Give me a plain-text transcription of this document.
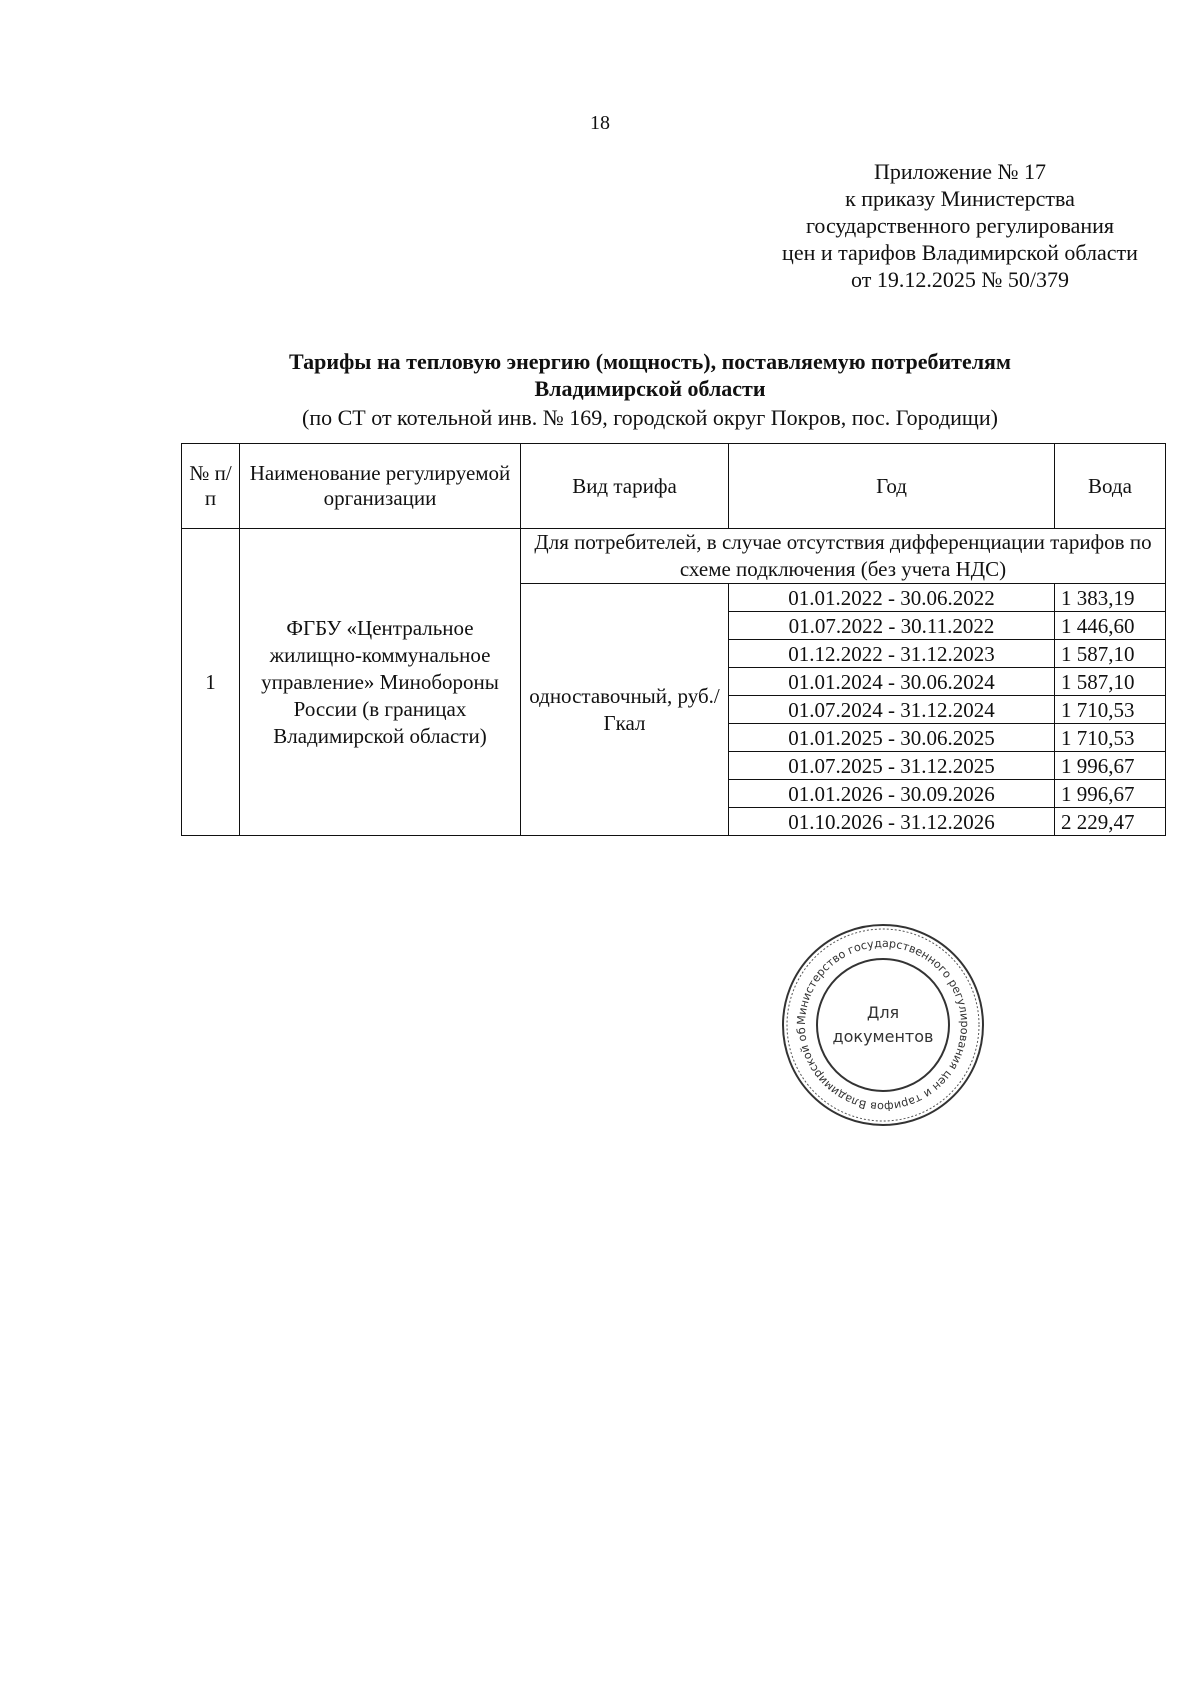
18
Приложение № 17
к приказу Министерства
государственного регулирования
цен и тарифов Владимирской области
от 19.12.2025 № 50/379
Тарифы на тепловую энергию (мощность), поставляемую потребителям
Владимирской области
(по СТ от котельной инв. № 169, городской округ Покров, пос. Городищи)
№ п/п	Наименование регулируемой организации	Вид тарифа	Год	Вода
1	ФГБУ «Центральное жилищно-коммунальное управление» Минобороны России (в границах Владимирской области)	Для потребителей, в случае отсутствия дифференциации тарифов по схеме подключения (без учета НДС)		
		одноставочный, руб./Гкал	01.01.2022 - 30.06.2022	1 383,19
			01.07.2022 - 30.11.2022	1 446,60
			01.12.2022 - 31.12.2023	1 587,10
			01.01.2024 - 30.06.2024	1 587,10
			01.07.2024 - 31.12.2024	1 710,53
			01.01.2025 - 30.06.2025	1 710,53
			01.07.2025 - 31.12.2025	1 996,67
			01.01.2026 - 30.09.2026	1 996,67
			01.10.2026 - 31.12.2026	2 229,47
Министерство государственного регулирования цен и тарифов Владимирской об
Для
документов
